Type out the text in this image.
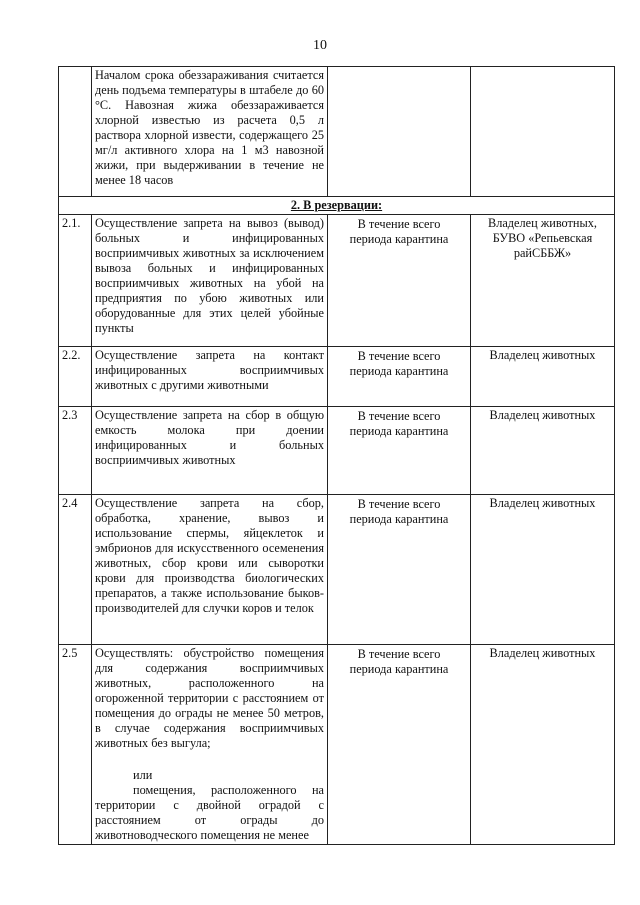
10
	Началом срока обеззараживания считается день подъема температуры в штабеле до 60 °С. Навозная жижа обеззараживается хлорной известью из расчета 0,5 л раствора хлорной извести, содержащего 25 мг/л активного хлора на 1 м3 навозной жижи, при выдерживании в течение не менее 18 часов		
2. В резервации:			
2.1.	Осуществление запрета на вывоз (вывод) больных и инфицированных восприимчивых животных за исключением вывоза больных и инфицированных восприимчивых животных на убой на предприятия по убою животных или оборудованные для этих целей убойные пункты	В течение всего периода карантина	Владелец животных, БУВО «Репьевская райСББЖ»
2.2.	Осуществление запрета на контакт инфицированных восприимчивых животных с другими животными	В течение всего периода карантина	Владелец животных
2.3	Осуществление запрета на сбор в общую емкость молока при доении инфицированных и больных восприимчивых животных	В течение всего периода карантина	Владелец животных
2.4	Осуществление запрета на сбор, обработка, хранение, вывоз и использование спермы, яйцеклеток и эмбрионов для искусственного осеменения животных, сбор крови или сыворотки крови для производства биологических препаратов, а также использование быков-производителей для случки коров и телок	В течение всего периода карантина	Владелец животных
2.5	Осуществлять: обустройство помещения для содержания восприимчивых животных, расположенного на огороженной территории с расстоянием от помещения до ограды не менее 50 метров, в случае содержания восприимчивых животных без выгула;
или
помещения, расположенного на территории с двойной оградой с расстоянием от ограды до животноводческого помещения не менее	В течение всего периода карантина	Владелец животных
